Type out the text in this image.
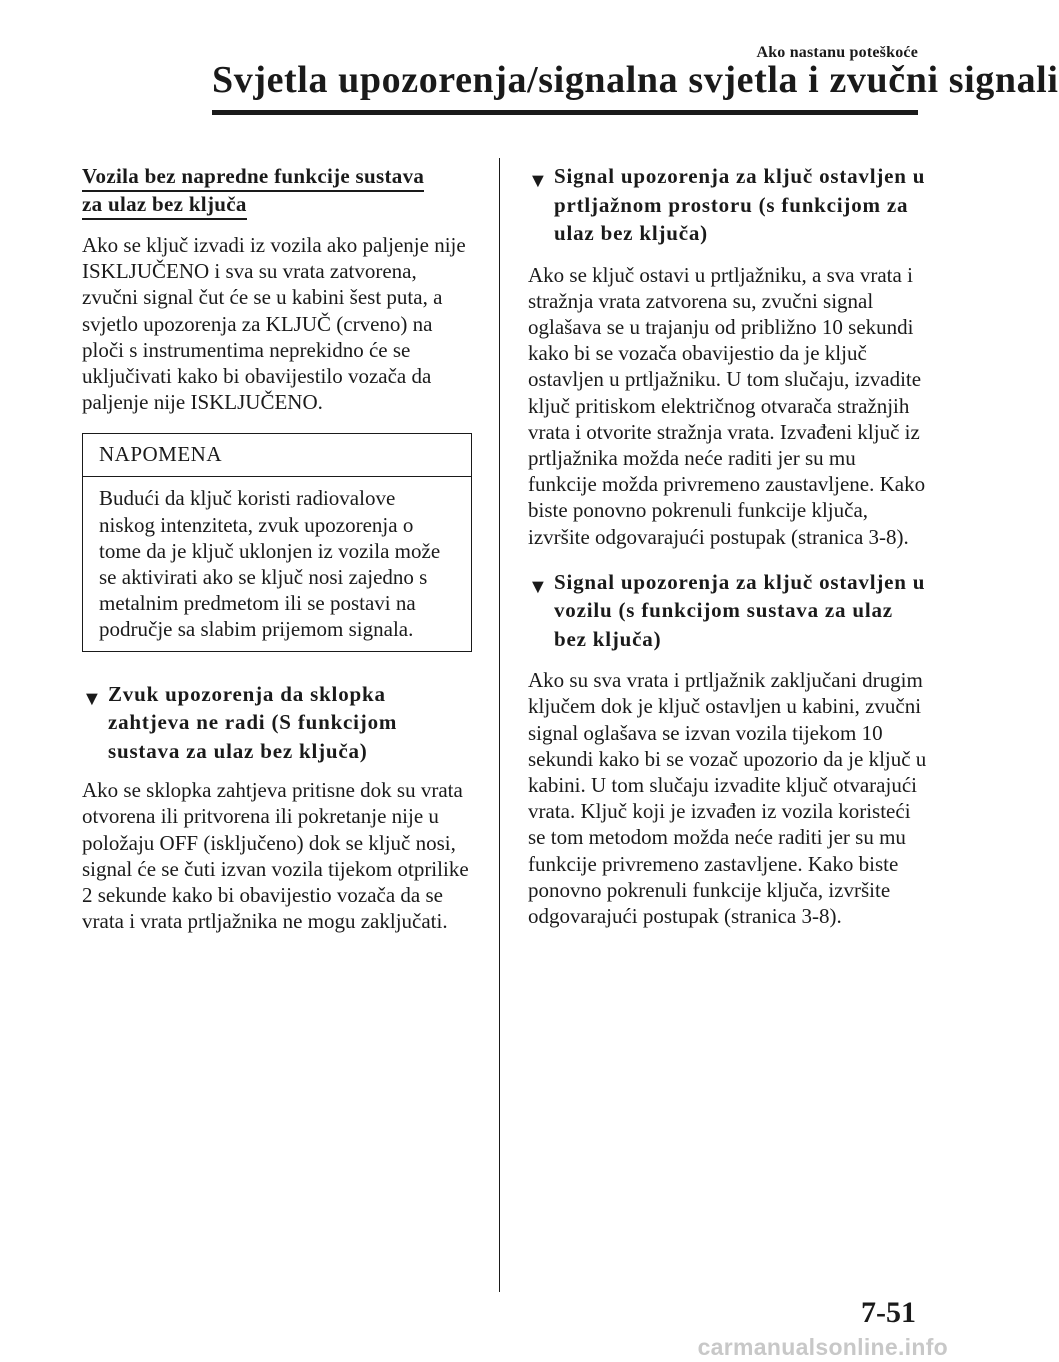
Ako nastanu poteškoće
Svjetla upozorenja/signalna svjetla i zvučni signali
Vozila bez napredne funkcije sustava
za ulaz bez ključa

Ako se ključ izvadi iz vozila ako paljenje nije ISKLJUČENO i sva su vrata zatvorena, zvučni signal čut će se u kabini šest puta, a svjetlo upozorenja za KLJUČ (crveno) na ploči s instrumentima neprekidno će se uključivati kako bi obavijestilo vozača da paljenje nije ISKLJUČENO.

NAPOMENA
Budući da ključ koristi radiovalove niskog intenziteta, zvuk upozorenja o tome da je ključ uklonjen iz vozila može se aktivirati ako se ključ nosi zajedno s metalnim predmetom ili se postavi na područje sa slabim prijemom signala.
▼ Zvuk upozorenja da sklopka zahtjeva ne radi (S funkcijom sustava za ulaz bez ključa)

Ako se sklopka zahtjeva pritisne dok su vrata otvorena ili pritvorena ili pokretanje nije u položaju OFF (isključeno) dok se ključ nosi, signal će se čuti izvan vozila tijekom otprilike 2 sekunde kako bi obavijestio vozača da se vrata i vrata prtljažnika ne mogu zaključati.

▼ Signal upozorenja za ključ ostavljen u prtljažnom prostoru (s funkcijom za ulaz bez ključa)

Ako se ključ ostavi u prtljažniku, a sva vrata i stražnja vrata zatvorena su, zvučni signal oglašava se u trajanju od približno 10 sekundi kako bi se vozača obavijestio da je ključ ostavljen u prtljažniku. U tom slučaju, izvadite ključ pritiskom električnog otvarača stražnjih vrata i otvorite stražnja vrata. Izvađeni ključ iz prtljažnika možda neće raditi jer su mu funkcije možda privremeno zaustavljene. Kako biste ponovno pokrenuli funkcije ključa, izvršite odgovarajući postupak (stranica 3-8).

▼ Signal upozorenja za ključ ostavljen u vozilu (s funkcijom sustava za ulaz bez ključa)

Ako su sva vrata i prtljažnik zaključani drugim ključem dok je ključ ostavljen u kabini, zvučni signal oglašava se izvan vozila tijekom 10 sekundi kako bi se vozač upozorio da je ključ u kabini. U tom slučaju izvadite ključ otvarajući vrata. Ključ koji je izvađen iz vozila koristeći se tom metodom možda neće raditi jer su mu funkcije privremeno zastavljene. Kako biste ponovno pokrenuli funkcije ključa, izvršite odgovarajući postupak (stranica 3-8).

7-51
carmanualsonline.info
